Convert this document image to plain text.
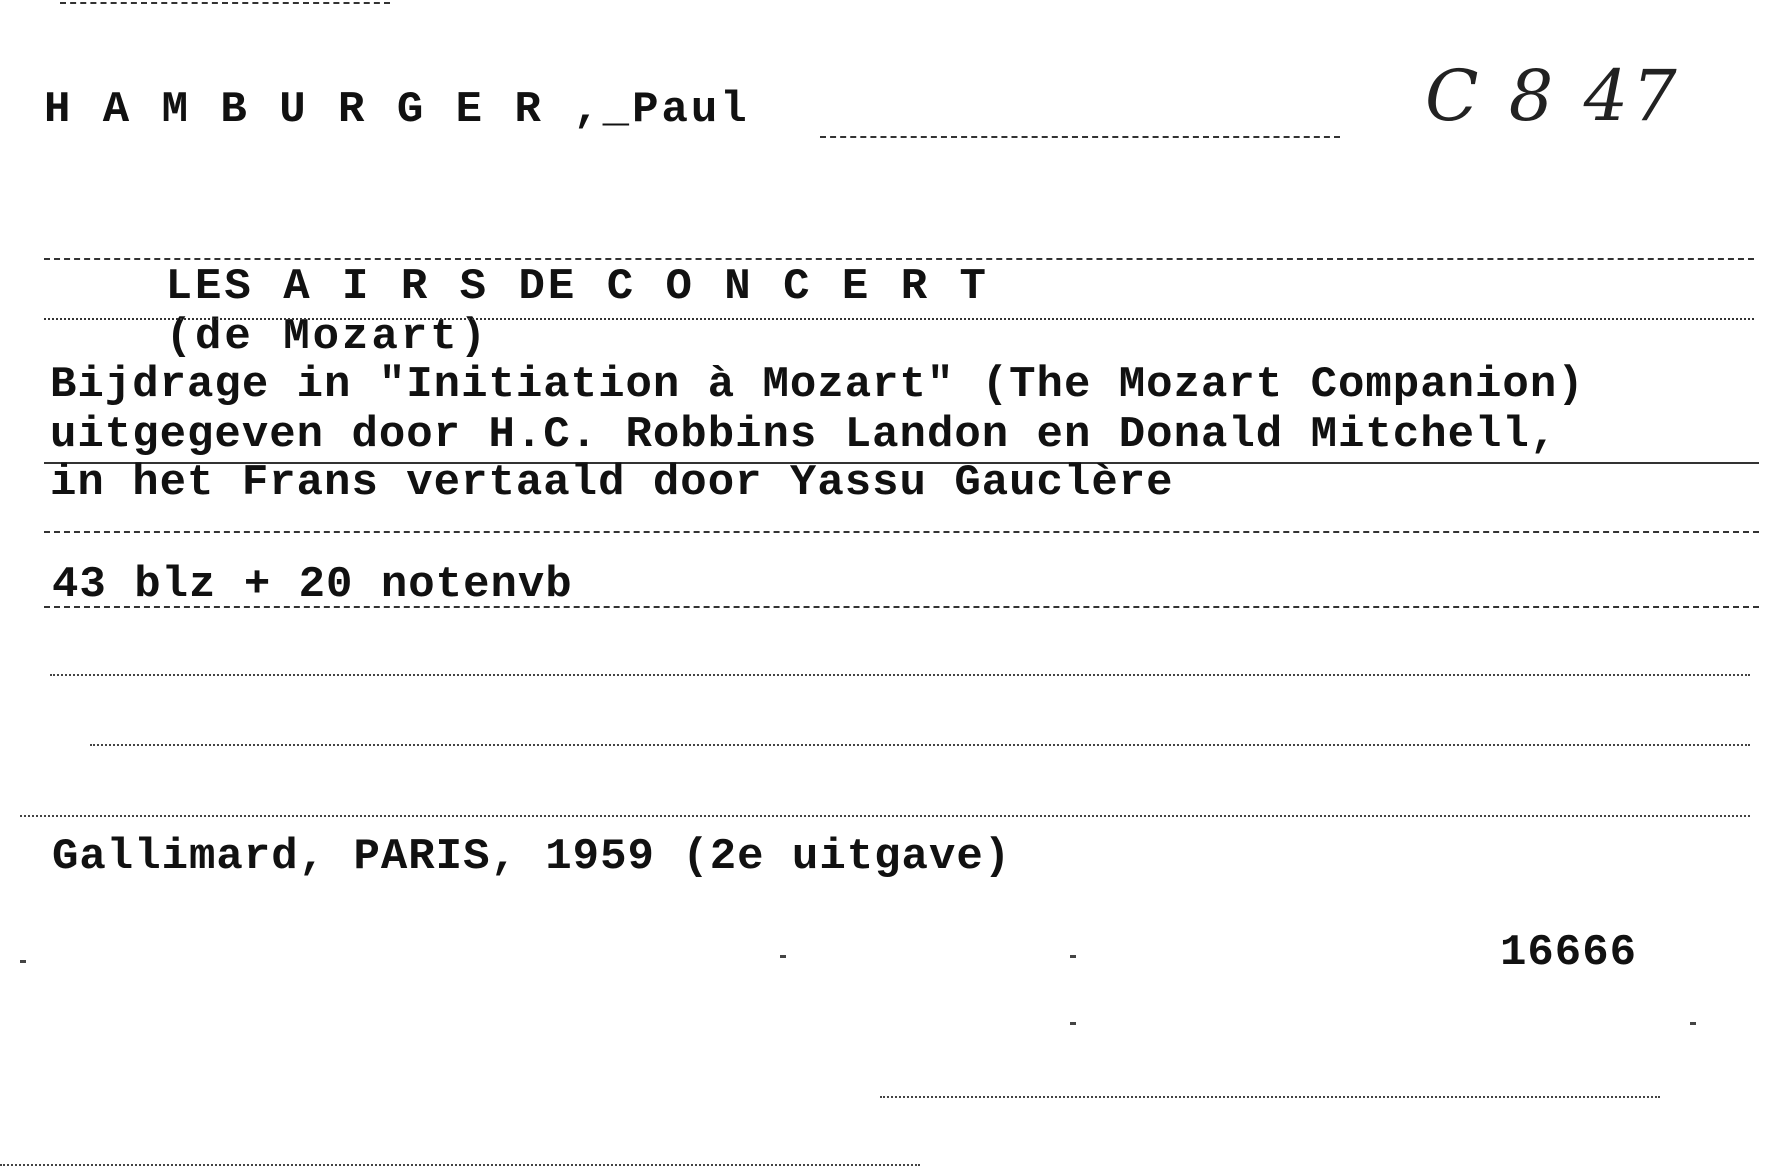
H A M B U R G E R ,_Paul	C 8 47

LES A I R S DE C O N C E R T
(de Mozart)

Bijdrage in "Initiation à Mozart" (The Mozart Companion)
uitgegeven door H.C. Robbins Landon en Donald Mitchell,
in het Frans vertaald door Yassu Gauclère
43 blz + 20 notenvb
Gallimard, PARIS, 1959 (2e uitgave)
16666
